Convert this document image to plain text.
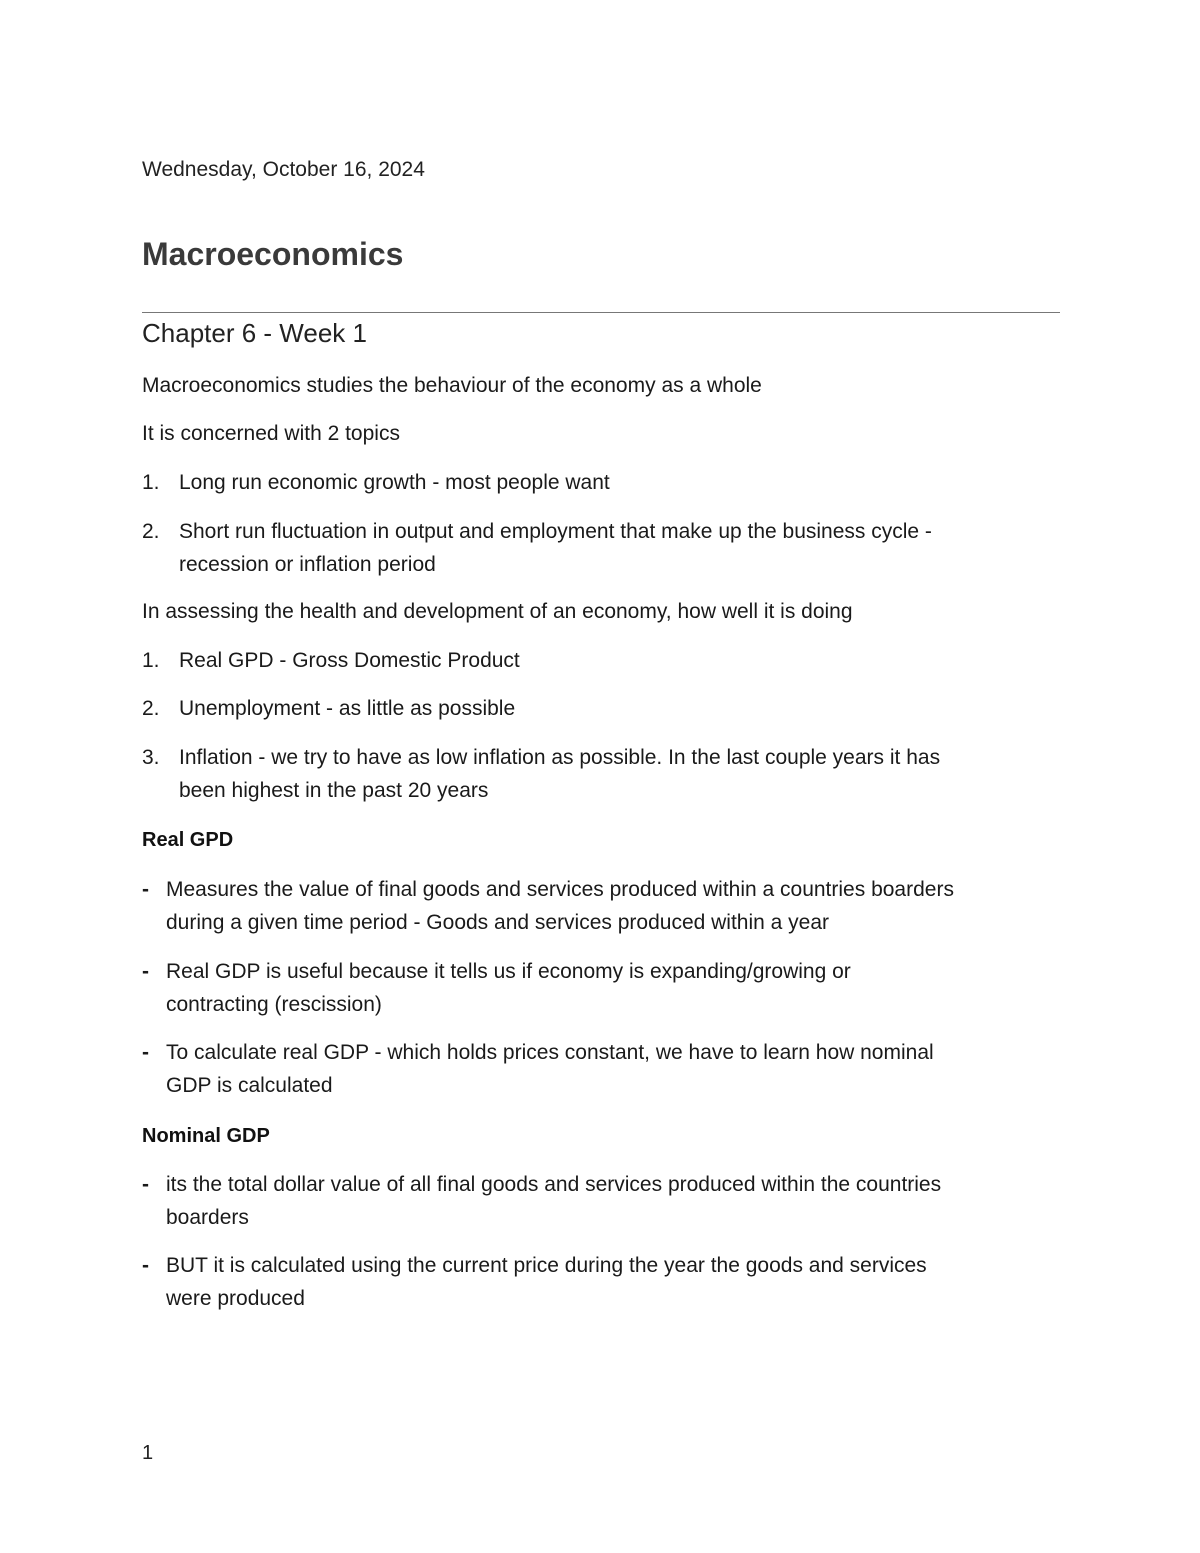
Wednesday, October 16, 2024
Macroeconomics
Chapter 6 - Week 1
Macroeconomics studies the behaviour of the economy as a whole
It is concerned with 2 topics
1. Long run economic growth - most people want
2. Short run fluctuation in output and employment that make up the business cycle -
recession or inflation period
In assessing the health and development of an economy, how well it is doing
1. Real GPD - Gross Domestic Product
2. Unemployment - as little as possible
3. Inflation - we try to have as low inflation as possible. In the last couple years it has
been highest in the past 20 years
Real GPD
- Measures the value of final goods and services produced within a countries boarders
during a given time period - Goods and services produced within a year
- Real GDP is useful because it tells us if economy is expanding/growing or
contracting (rescission)
- To calculate real GDP - which holds prices constant, we have to learn how nominal
GDP is calculated
Nominal GDP
- its the total dollar value of all final goods and services produced within the countries
boarders
- BUT it is calculated using the current price during the year the goods and services
were produced
1
